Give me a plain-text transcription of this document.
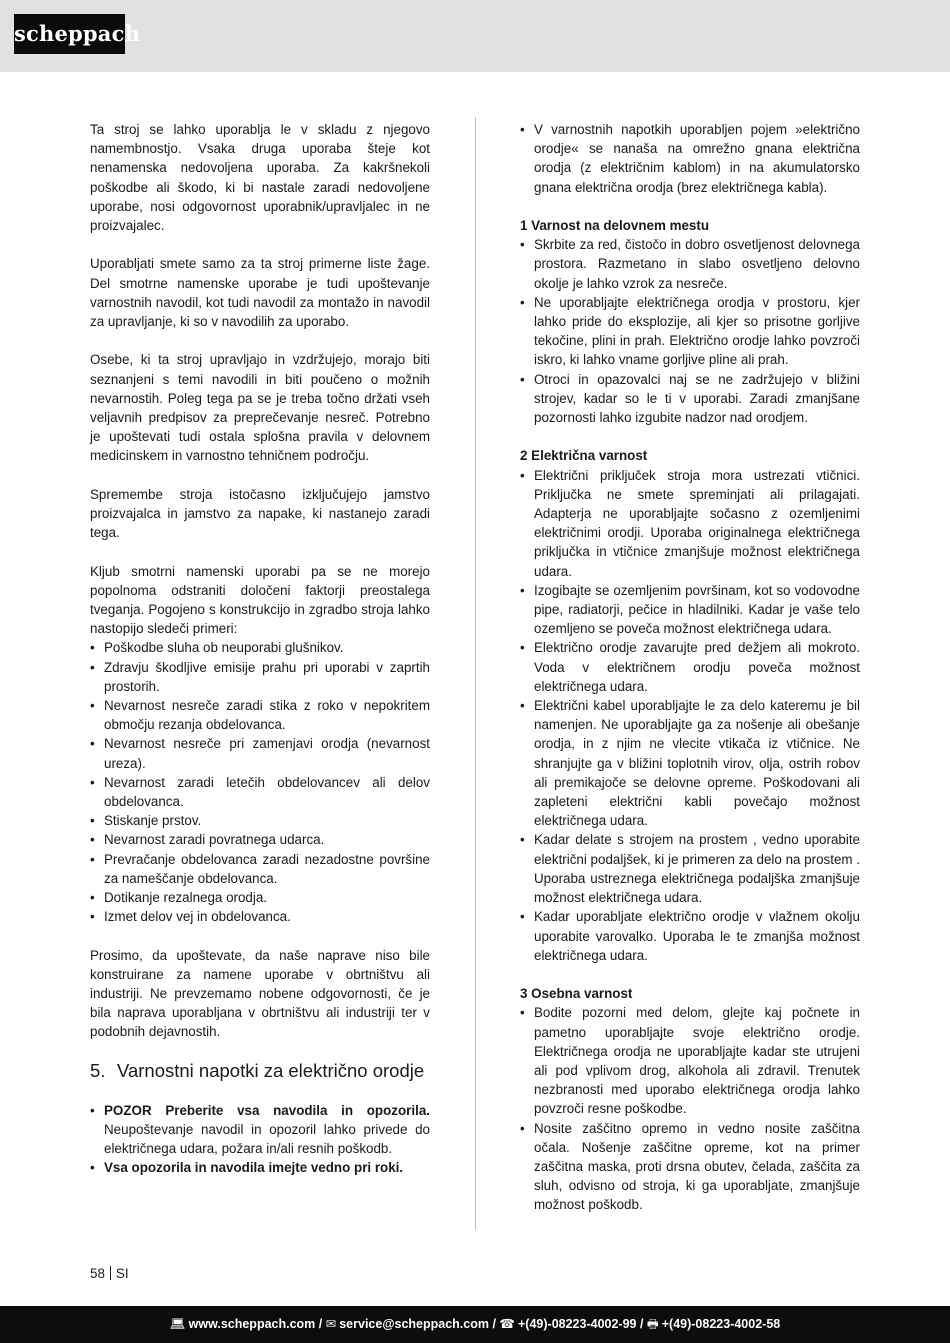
scheppach

Ta stroj se lahko uporablja le v skladu z njegovo namembnostjo. Vsaka druga uporaba šteje kot nenamenska nedovoljena uporaba. Za kakršnekoli poškodbe ali škodo, ki bi nastale zaradi nedovoljene uporabe, nosi odgovornost uporabnik/upravljalec in ne proizvajalec.

Uporabljati smete samo za ta stroj primerne liste žage. Del smotrne namenske uporabe je tudi upoštevanje varnostnih navodil, kot tudi navodil za montažo in navodil za upravljanje, ki so v navodilih za uporabo.

Osebe, ki ta stroj upravljajo in vzdržujejo, morajo biti seznanjeni s temi navodili in biti poučeno o možnih nevarnostih. Poleg tega pa se je treba točno držati vseh veljavnih predpisov za preprečevanje nesreč. Potrebno je upoštevati tudi ostala splošna pravila v delovnem medicinskem in varnostno tehničnem področju.

Spremembe stroja istočasno izključujejo jamstvo proizvajalca in jamstvo za napake, ki nastanejo zaradi tega.

Kljub smotrni namenski uporabi pa se ne morejo popolnoma odstraniti določeni faktorji preostalega tveganja. Pogojeno s konstrukcijo in zgradbo stroja lahko nastopijo sledeči primeri:

• Poškodbe sluha ob neuporabi glušnikov.
• Zdravju škodljive emisije prahu pri uporabi v zaprtih prostorih.
• Nevarnost nesreče zaradi stika z roko v nepokritem območju rezanja obdelovanca.
• Nevarnost nesreče pri zamenjavi orodja (nevarnost ureza).
• Nevarnost zaradi letečih obdelovancev ali delov obdelovanca.
• Stiskanje prstov.
• Nevarnost zaradi povratnega udarca.
• Prevračanje obdelovanca zaradi nezadostne površine za nameščanje obdelovanca.
• Dotikanje rezalnega orodja.
• Izmet delov vej in obdelovanca.

Prosimo, da upoštevate, da naše naprave niso bile konstruirane za namene uporabe v obrtništvu ali industriji. Ne prevzemamo nobene odgovornosti, če je bila naprava uporabljana v obrtništvu ali industriji ter v podobnih dejavnostih.

5. Varnostni napotki za električno orodje
• POZOR Preberite vsa navodila in opozorila. Neupoštevanje navodil in opozoril lahko privede do električnega udara, požara in/ali resnih poškodb.
• Vsa opozorila in navodila imejte vedno pri roki.
• V varnostnih napotkih uporabljen pojem »električno orodje« se nanaša na omrežno gnana električna orodja (z električnim kablom) in na akumulatorsko gnana električna orodja (brez električnega kabla).

1 Varnost na delovnem mestu

• Skrbite za red, čistočo in dobro osvetljenost delovnega prostora. Razmetano in slabo osvetljeno delovno okolje je lahko vzrok za nesreče.
• Ne uporabljajte električnega orodja v prostoru, kjer lahko pride do eksplozije, ali kjer so prisotne gorljive tekočine, plini in prah. Električno orodje lahko povzroči iskro, ki lahko vname gorljive pline ali prah.
• Otroci in opazovalci naj se ne zadržujejo v bližini strojev, kadar so le ti v uporabi. Zaradi zmanjšane pozornosti lahko izgubite nadzor nad orodjem.

2 Električna varnost

• Električni priključek stroja mora ustrezati vtičnici. Priključka ne smete spreminjati ali prilagajati. Adapterja ne uporabljajte sočasno z ozemljenimi električnimi orodji. Uporaba originalnega električnega priključka in vtičnice zmanjšuje možnost električnega udara.
• Izogibajte se ozemljenim površinam, kot so vodovodne pipe, radiatorji, pečice in hladilniki. Kadar je vaše telo ozemljeno se poveča možnost električnega udara.
• Električno orodje zavarujte pred dežjem ali mokroto. Voda v električnem orodju poveča možnost električnega udara.
• Električni kabel uporabljajte le za delo kateremu je bil namenjen. Ne uporabljajte ga za nošenje ali obešanje orodja, in z njim ne vlecite vtikača iz vtičnice. Ne shranjujte ga v bližini toplotnih virov, olja, ostrih robov ali premikajoče se delovne opreme. Poškodovani ali zapleteni električni kabli povečajo možnost električnega udara.
• Kadar delate s strojem na prostem , vedno uporabite električni podaljšek, ki je primeren za delo na prostem . Uporaba ustreznega električnega podaljška zmanjšuje možnost električnega udara.
• Kadar uporabljate električno orodje v vlažnem okolju uporabite varovalko. Uporaba le te zmanjša možnost električnega udara.

3 Osebna varnost

• Bodite pozorni med delom, glejte kaj počnete in pametno uporabljajte svoje električno orodje. Električnega orodja ne uporabljajte kadar ste utrujeni ali pod vplivom drog, alkohola ali zdravil. Trenutek nezbranosti med uporabo električnega orodja lahko povzroči resne poškodbe.
• Nosite zaščitno opremo in vedno nosite zaščitna očala. Nošenje zaščitne opreme, kot na primer zaščitna maska, proti drsna obutev, čelada, zaščita za sluh, odvisno od stroja, ki ga uporabljate, zmanjšuje možnost poškodb.
58 SI
💻︎ www.scheppach.com / ✉︎ service@scheppach.com / ☎︎ +(49)-08223-4002-99 / 🖶︎ +(49)-08223-4002-58
